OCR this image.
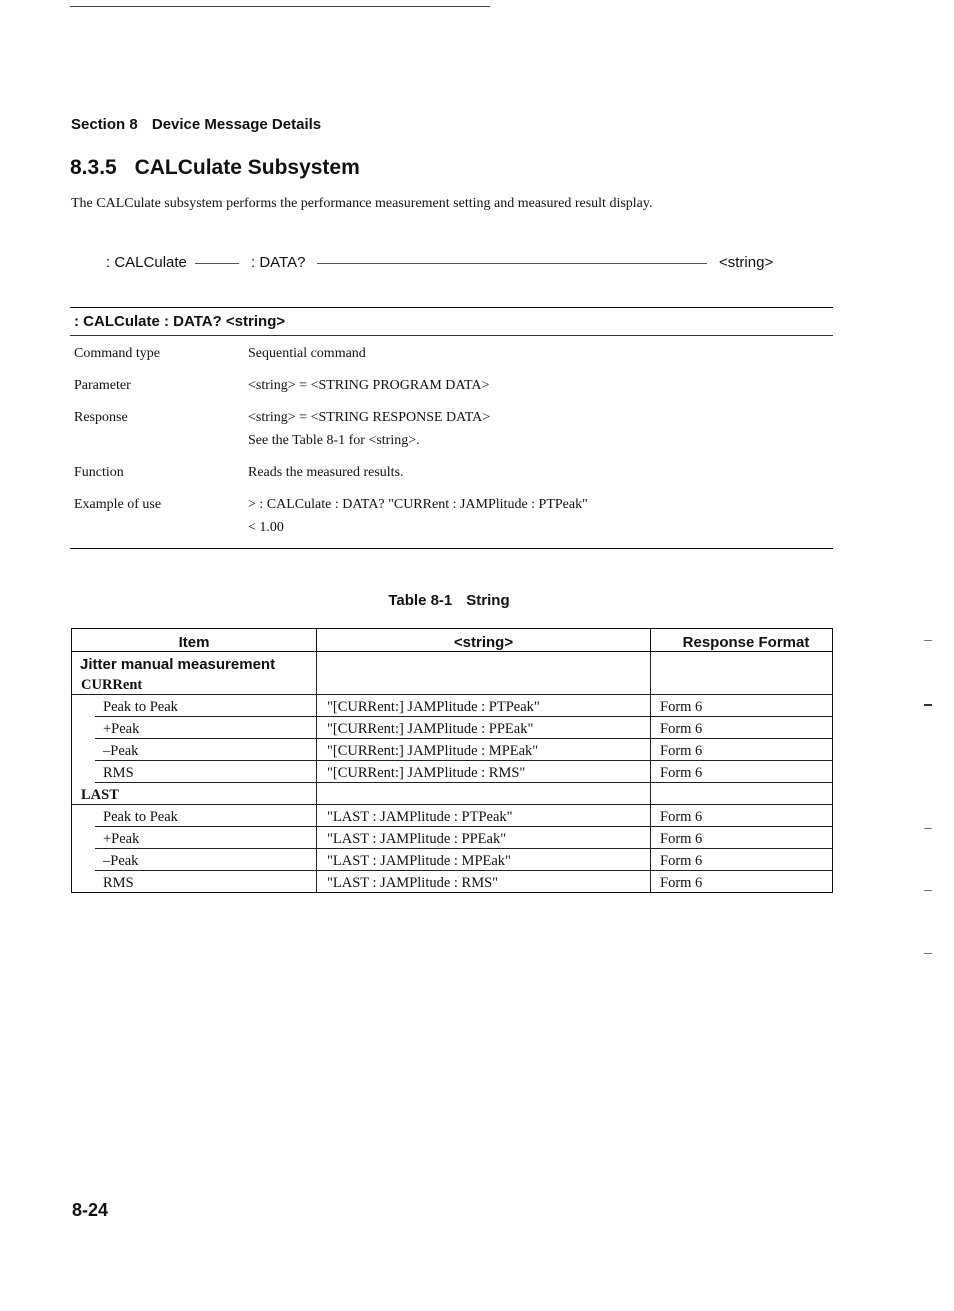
Section 8 Device Message Details
8.3.5 CALCulate Subsystem
The CALCulate subsystem performs the performance measurement setting and measured result display.
: CALCulate	: DATA?	<string>
: CALCulate : DATA? <string>
Command type	Sequential command
Parameter	<string> = <STRING PROGRAM DATA>
Response	<string> = <STRING RESPONSE DATA>
See the Table 8-1 for <string>.
Function	Reads the measured results.
Example of use	> : CALCulate : DATA? "CURRent : JAMPlitude : PTPeak"
< 1.00
Table 8-1 String
Item	<string>	Response Format
Jitter manual measurement		
CURRent		

Peak to Peak	"[CURRent:] JAMPlitude : PTPeak"	Form 6

+Peak	"[CURRent:] JAMPlitude : PPEak"	Form 6

–Peak	"[CURRent:] JAMPlitude : MPEak"	Form 6

RMS	"[CURRent:] JAMPlitude : RMS"	Form 6
LAST		

Peak to Peak	"LAST : JAMPlitude : PTPeak"	Form 6

+Peak	"LAST : JAMPlitude : PPEak"	Form 6

–Peak	"LAST : JAMPlitude : MPEak"	Form 6
RMS	"LAST : JAMPlitude : RMS"	Form 6
8-24
